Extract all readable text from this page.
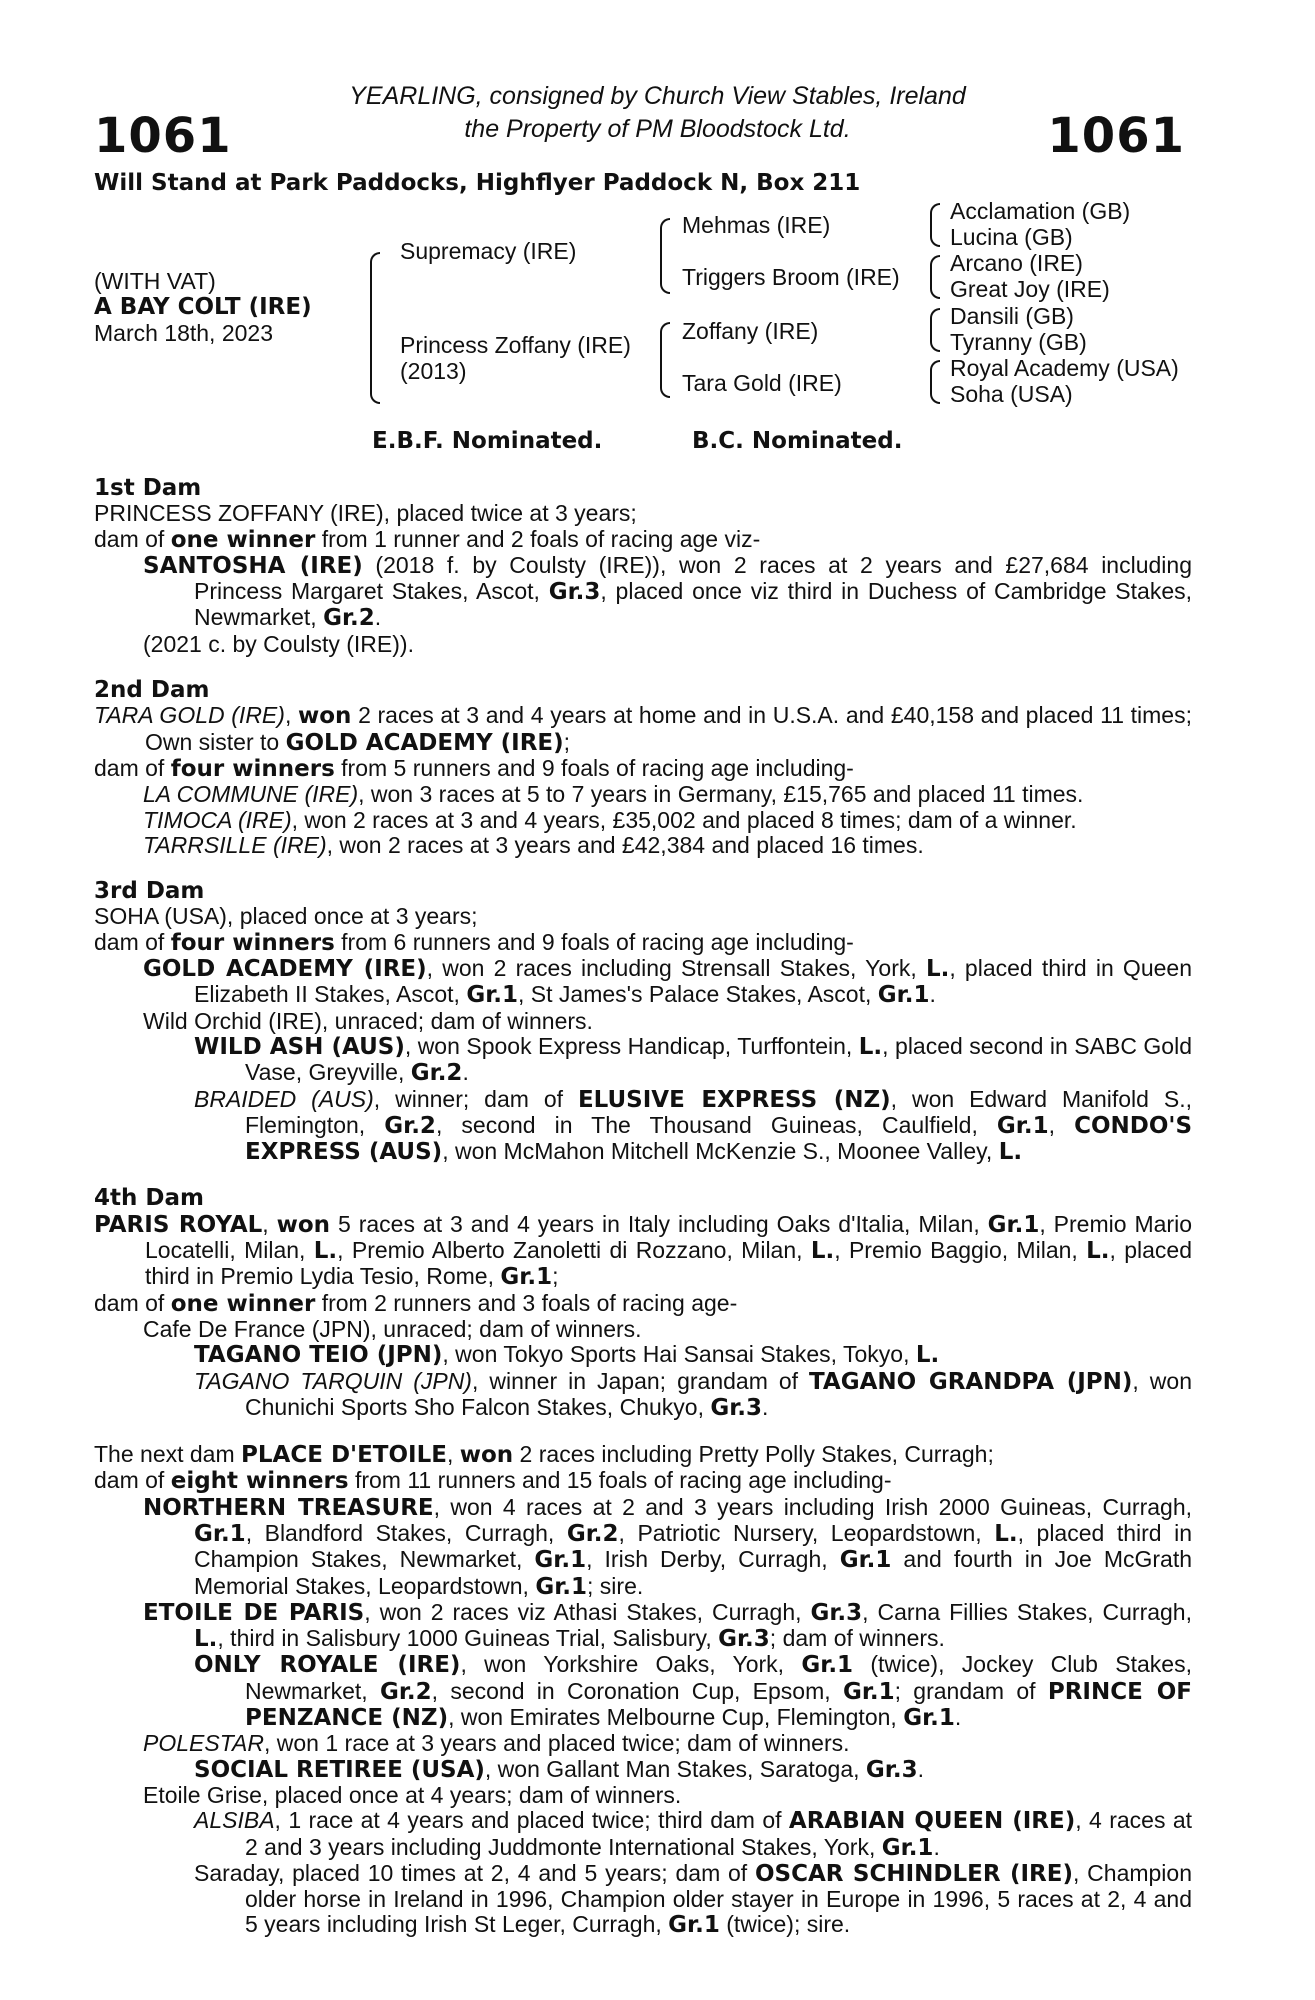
1061	1061
YEARLING, consigned by Church View Stables, Ireland
the Property of PM Bloodstock Ltd.
Will Stand at Park Paddocks, Highflyer Paddock N, Box 211
(WITH VAT)
A BAY COLT (IRE)
March 18th, 2023
Supremacy (IRE)
Princess Zoffany (IRE)
(2013)
Mehmas (IRE)
Triggers Broom (IRE)
Zoffany (IRE)
Tara Gold (IRE)
Acclamation (GB)
Lucina (GB)
Arcano (IRE)
Great Joy (IRE)
Dansili (GB)
Tyranny (GB)
Royal Academy (USA)
Soha (USA)
E.B.F. Nominated.	B.C. Nominated.
1st Dam
PRINCESS ZOFFANY (IRE), placed twice at 3 years;
dam of one winner from 1 runner and 2 foals of racing age viz-
SANTOSHA (IRE) (2018 f. by Coulsty (IRE)), won 2 races at 2 years and £27,684 including Princess Margaret Stakes, Ascot, Gr.3, placed once viz third in Duchess of Cambridge Stakes, Newmarket, Gr.2.
(2021 c. by Coulsty (IRE)).
2nd Dam
TARA GOLD (IRE), won 2 races at 3 and 4 years at home and in U.S.A. and £40,158 and placed 11 times; Own sister to GOLD ACADEMY (IRE);
dam of four winners from 5 runners and 9 foals of racing age including-
LA COMMUNE (IRE), won 3 races at 5 to 7 years in Germany, £15,765 and placed 11 times.
TIMOCA (IRE), won 2 races at 3 and 4 years, £35,002 and placed 8 times; dam of a winner.
TARRSILLE (IRE), won 2 races at 3 years and £42,384 and placed 16 times.
3rd Dam
SOHA (USA), placed once at 3 years;
dam of four winners from 6 runners and 9 foals of racing age including-
GOLD ACADEMY (IRE), won 2 races including Strensall Stakes, York, L., placed third in Queen Elizabeth II Stakes, Ascot, Gr.1, St James's Palace Stakes, Ascot, Gr.1.
Wild Orchid (IRE), unraced; dam of winners.
WILD ASH (AUS), won Spook Express Handicap, Turffontein, L., placed second in SABC Gold Vase, Greyville, Gr.2.
BRAIDED (AUS), winner; dam of ELUSIVE EXPRESS (NZ), won Edward Manifold S., Flemington, Gr.2, second in The Thousand Guineas, Caulfield, Gr.1, CONDO'S EXPRESS (AUS), won McMahon Mitchell McKenzie S., Moonee Valley, L.
4th Dam
PARIS ROYAL, won 5 races at 3 and 4 years in Italy including Oaks d'Italia, Milan, Gr.1, Premio Mario Locatelli, Milan, L., Premio Alberto Zanoletti di Rozzano, Milan, L., Premio Baggio, Milan, L., placed third in Premio Lydia Tesio, Rome, Gr.1;
dam of one winner from 2 runners and 3 foals of racing age-
Cafe De France (JPN), unraced; dam of winners.
TAGANO TEIO (JPN), won Tokyo Sports Hai Sansai Stakes, Tokyo, L.
TAGANO TARQUIN (JPN), winner in Japan; grandam of TAGANO GRANDPA (JPN), won Chunichi Sports Sho Falcon Stakes, Chukyo, Gr.3.
The next dam PLACE D'ETOILE, won 2 races including Pretty Polly Stakes, Curragh;
dam of eight winners from 11 runners and 15 foals of racing age including-
NORTHERN TREASURE, won 4 races at 2 and 3 years including Irish 2000 Guineas, Curragh, Gr.1, Blandford Stakes, Curragh, Gr.2, Patriotic Nursery, Leopardstown, L., placed third in Champion Stakes, Newmarket, Gr.1, Irish Derby, Curragh, Gr.1 and fourth in Joe McGrath Memorial Stakes, Leopardstown, Gr.1; sire.
ETOILE DE PARIS, won 2 races viz Athasi Stakes, Curragh, Gr.3, Carna Fillies Stakes, Curragh, L., third in Salisbury 1000 Guineas Trial, Salisbury, Gr.3; dam of winners.
ONLY ROYALE (IRE), won Yorkshire Oaks, York, Gr.1 (twice), Jockey Club Stakes, Newmarket, Gr.2, second in Coronation Cup, Epsom, Gr.1; grandam of PRINCE OF PENZANCE (NZ), won Emirates Melbourne Cup, Flemington, Gr.1.
POLESTAR, won 1 race at 3 years and placed twice; dam of winners.
SOCIAL RETIREE (USA), won Gallant Man Stakes, Saratoga, Gr.3.
Etoile Grise, placed once at 4 years; dam of winners.
ALSIBA, 1 race at 4 years and placed twice; third dam of ARABIAN QUEEN (IRE), 4 races at 2 and 3 years including Juddmonte International Stakes, York, Gr.1.
Saraday, placed 10 times at 2, 4 and 5 years; dam of OSCAR SCHINDLER (IRE), Champion older horse in Ireland in 1996, Champion older stayer in Europe in 1996, 5 races at 2, 4 and 5 years including Irish St Leger, Curragh, Gr.1 (twice); sire.
